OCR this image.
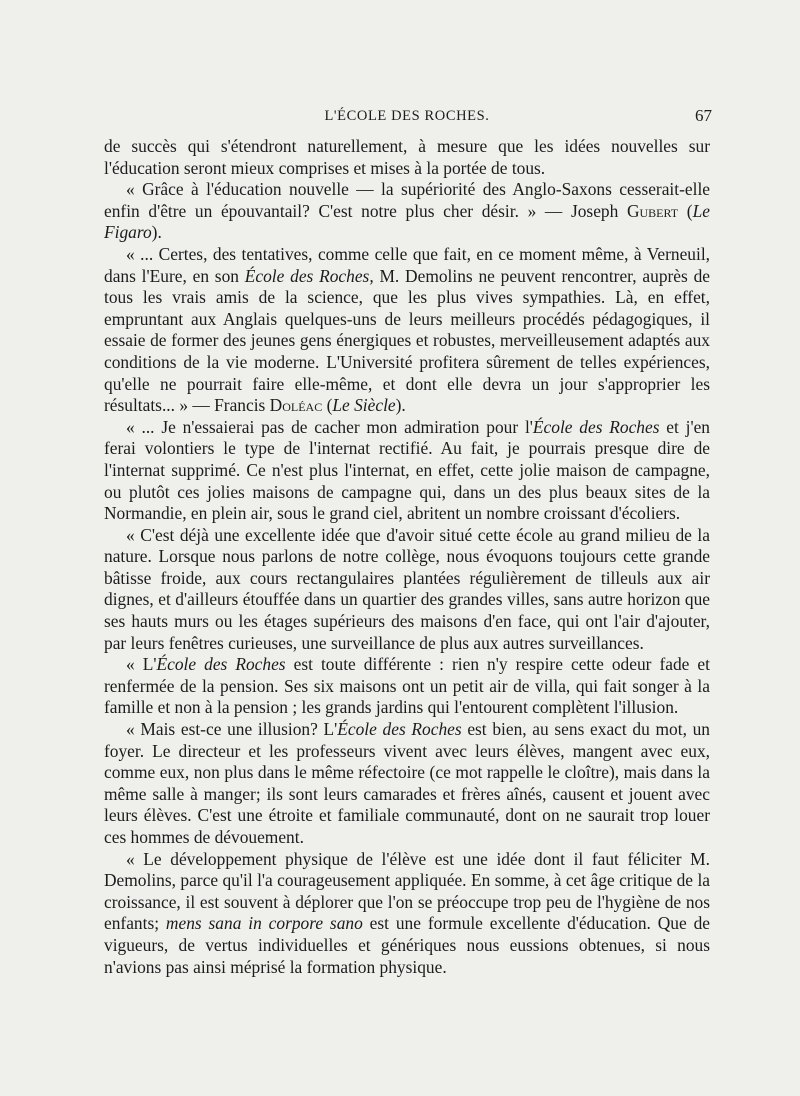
L'ÉCOLE DES ROCHES.	67

de succès qui s'étendront naturellement, à mesure que les idées nouvelles sur l'éducation seront mieux comprises et mises à la portée de tous.

« Grâce à l'éducation nouvelle — la supériorité des Anglo-Saxons cesserait-elle enfin d'être un épouvantail? C'est notre plus cher désir. » — Joseph Gubert (Le Figaro).

« ... Certes, des tentatives, comme celle que fait, en ce moment même, à Verneuil, dans l'Eure, en son École des Roches, M. Demolins ne peuvent rencontrer, auprès de tous les vrais amis de la science, que les plus vives sympathies. Là, en effet, empruntant aux Anglais quelques-uns de leurs meilleurs procédés pédagogiques, il essaie de former des jeunes gens énergiques et robustes, merveilleusement adaptés aux conditions de la vie moderne. L'Université profitera sûrement de telles expériences, qu'elle ne pourrait faire elle-même, et dont elle devra un jour s'approprier les résultats... » — Francis Doléac (Le Siècle).

« ... Je n'essaierai pas de cacher mon admiration pour l'École des Roches et j'en ferai volontiers le type de l'internat rectifié. Au fait, je pourrais presque dire de l'internat supprimé. Ce n'est plus l'internat, en effet, cette jolie maison de campagne, ou plutôt ces jolies maisons de campagne qui, dans un des plus beaux sites de la Normandie, en plein air, sous le grand ciel, abritent un nombre croissant d'écoliers.

« C'est déjà une excellente idée que d'avoir situé cette école au grand milieu de la nature. Lorsque nous parlons de notre collège, nous évoquons toujours cette grande bâtisse froide, aux cours rectangulaires plantées régulièrement de tilleuls aux air dignes, et d'ailleurs étouffée dans un quartier des grandes villes, sans autre horizon que ses hauts murs ou les étages supérieurs des maisons d'en face, qui ont l'air d'ajouter, par leurs fenêtres curieuses, une surveillance de plus aux autres surveillances.

« L'École des Roches est toute différente : rien n'y respire cette odeur fade et renfermée de la pension. Ses six maisons ont un petit air de villa, qui fait songer à la famille et non à la pension ; les grands jardins qui l'entourent complètent l'illusion.

« Mais est-ce une illusion? L'École des Roches est bien, au sens exact du mot, un foyer. Le directeur et les professeurs vivent avec leurs élèves, mangent avec eux, comme eux, non plus dans le même réfectoire (ce mot rappelle le cloître), mais dans la même salle à manger; ils sont leurs camarades et frères aînés, causent et jouent avec leurs élèves. C'est une étroite et familiale communauté, dont on ne saurait trop louer ces hommes de dévouement.

« Le développement physique de l'élève est une idée dont il faut féliciter M. Demolins, parce qu'il l'a courageusement appliquée. En somme, à cet âge critique de la croissance, il est souvent à déplorer que l'on se préoccupe trop peu de l'hygiène de nos enfants; mens sana in corpore sano est une formule excellente d'éducation. Que de vigueurs, de vertus individuelles et génériques nous eussions obtenues, si nous n'avions pas ainsi méprisé la formation physique.
